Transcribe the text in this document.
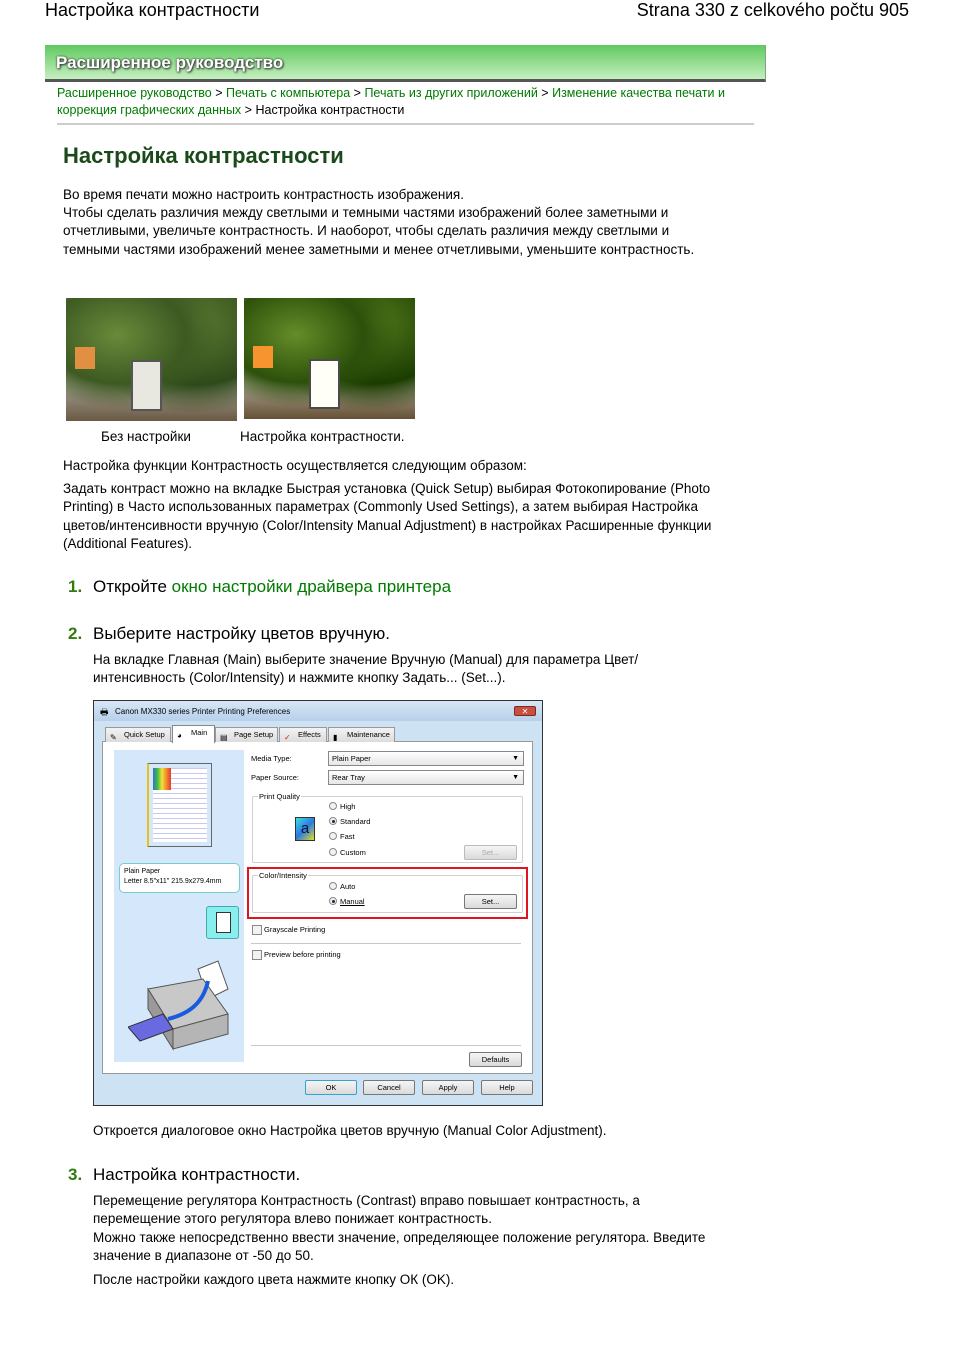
Настройка контрастности	Strana 330 z celkového počtu 905
Расширенное руководство
Расширенное руководство > Печать с компьютера > Печать из других приложений > Изменение качества печати и коррекция графических данных > Настройка контрастности
Настройка контрастности
Во время печати можно настроить контрастность изображения.
Чтобы сделать различия между светлыми и темными частями изображений более заметными и отчетливыми, увеличьте контрастность. И наоборот, чтобы сделать различия между светлыми и темными частями изображений менее заметными и менее отчетливыми, уменьшите контрастность.
Без настройки	Настройка контрастности.
Настройка функции Контрастность осуществляется следующим образом:
Задать контраст можно на вкладке Быстрая установка (Quick Setup) выбирая Фотокопирование (Photo Printing) в Часто использованных параметрах (Commonly Used Settings), а затем выбирая Настройка цветов/интенсивности вручную (Color/Intensity Manual Adjustment) в настройках Расширенные функции (Additional Features).
1. Откройте окно настройки драйвера принтера
2. Выберите настройку цветов вручную.
На вкладке Главная (Main) выберите значение Вручную (Manual) для параметра Цвет/интенсивность (Color/Intensity) и нажмите кнопку Задать... (Set...).
🖶 Canon MX330 series Printer Printing Preferences	✕
✎ Quick Setup	◕ Main
▤ Page Setup	✓ Effects	▮ Maintenance
Plain Paper
Letter 8.5"x11" 215.9x279.4mm
Media Type:	Plain Paper	▼
Paper Source:	Rear Tray	▼
Print Quality
a
High
Standard
Fast
Custom	Set...
Color/Intensity
Auto
Manual	Set...
Grayscale Printing
Preview before printing
Defaults
OK	Cancel	Apply	Help
Откроется диалоговое окно Настройка цветов вручную (Manual Color Adjustment).
3. Настройка контрастности.
Перемещение регулятора Контрастность (Contrast) вправо повышает контрастность, а перемещение этого регулятора влево понижает контрастность.
Можно также непосредственно ввести значение, определяющее положение регулятора. Введите значение в диапазоне от -50 до 50.
После настройки каждого цвета нажмите кнопку ОК (OK).
